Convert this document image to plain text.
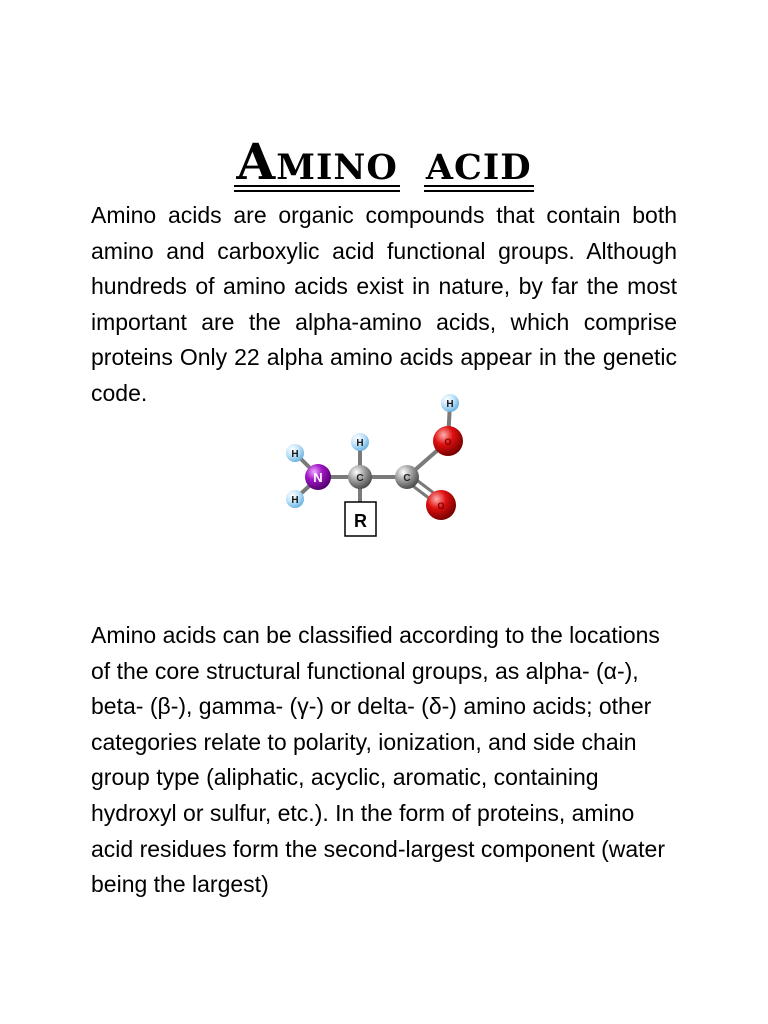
Amino acid

Amino acids are organic compounds that contain both amino and carboxylic acid functional groups. Although hundreds of amino acids exist in nature, by far the most important are the alpha-amino acids, which comprise proteins Only 22 alpha amino acids appear in the genetic code.

R
H
O
H
H
H
N	C	C
O

Amino acids can be classified according to the locations of the core structural functional groups, as alpha- (α-), beta- (β-), gamma- (γ-) or delta- (δ-) amino acids; other categories relate to polarity, ionization, and side chain group type (aliphatic, acyclic, aromatic, containing hydroxyl or sulfur, etc.). In the form of proteins, amino acid residues form the second-largest component (water being the largest)
